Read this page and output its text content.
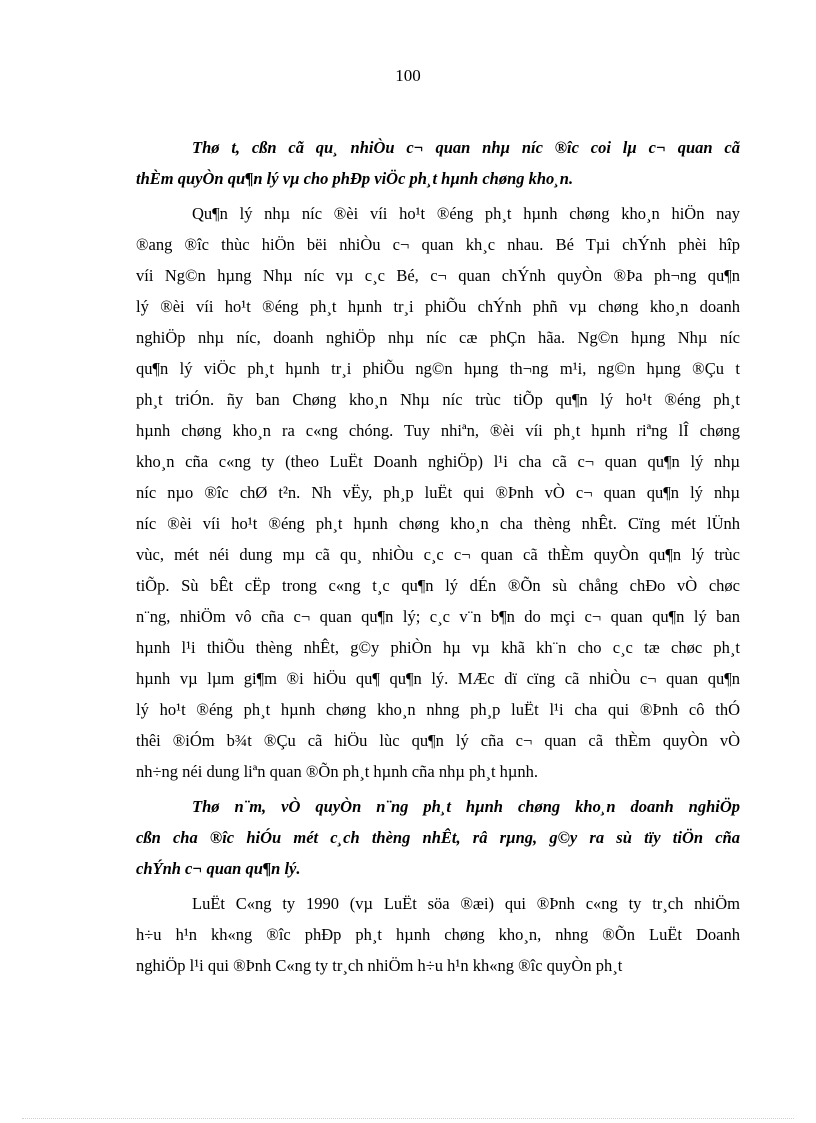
100
Thø t, cßn cã qu¸ nhiÒu c¬ quan nhµ níc ®îc coi lµ c¬ quan cã
thÈm quyÒn qu¶n lý vµ cho phÐp viÖc ph¸t hµnh chøng kho¸n.
Qu¶n lý nhµ níc ®èi víi ho¹t ®éng ph¸t hµnh chøng kho¸n hiÖn nay
®ang ®îc thùc hiÖn bëi nhiÒu c¬ quan kh¸c nhau. Bé Tµi chÝnh phèi hîp
víi Ng©n hµng Nhµ níc vµ c¸c Bé, c¬ quan chÝnh quyÒn ®Þa ph¬ng qu¶n
lý ®èi víi ho¹t ®éng ph¸t hµnh tr¸i phiÕu chÝnh phñ vµ chøng kho¸n doanh
nghiÖp nhµ níc, doanh nghiÖp nhµ níc cæ phÇn hãa. Ng©n hµng Nhµ níc
qu¶n lý viÖc ph¸t hµnh tr¸i phiÕu ng©n hµng th¬ng m¹i, ng©n hµng ®Çu t
ph¸t triÓn. ñy ban Chøng kho¸n Nhµ níc trùc tiÕp qu¶n lý ho¹t ®éng ph¸t
hµnh chøng kho¸n ra c«ng chóng. Tuy nhiªn, ®èi víi ph¸t hµnh riªng lÎ chøng
kho¸n cña c«ng ty (theo LuËt Doanh nghiÖp) l¹i cha cã c¬ quan qu¶n lý nhµ
níc nµo ®îc chØ t²n. Nh vËy, ph¸p luËt qui ®Þnh vÒ c¬ quan qu¶n lý nhµ
níc ®èi víi ho¹t ®éng ph¸t hµnh chøng kho¸n cha thèng nhÊt. Cïng mét lÜnh
vùc, mét néi dung mµ cã qu¸ nhiÒu c¸c c¬ quan cã thÈm quyÒn qu¶n lý trùc
tiÕp. Sù bÊt cËp trong c«ng t¸c qu¶n lý dÉn ®Õn sù chång chÐo vÒ chøc
n¨ng, nhiÖm vô cña c¬ quan qu¶n lý; c¸c v¨n b¶n do mçi c¬ quan qu¶n lý ban
hµnh l¹i thiÕu thèng nhÊt, g©y phiÒn hµ vµ khã kh¨n cho c¸c tæ chøc ph¸t
hµnh vµ lµm gi¶m ®i hiÖu qu¶ qu¶n lý. MÆc dï cïng cã nhiÒu c¬ quan qu¶n
lý ho¹t ®éng ph¸t hµnh chøng kho¸n nhng ph¸p luËt l¹i cha qui ®Þnh cô thÓ
thêi ®iÓm b¾t ®Çu cã hiÖu lùc qu¶n lý cña c¬ quan cã thÈm quyÒn vÒ
nh÷ng néi dung liªn quan ®Õn ph¸t hµnh cña nhµ ph¸t hµnh.
Thø n¨m, vÒ quyÒn n¨ng ph¸t hµnh chøng kho¸n doanh nghiÖp
cßn cha ®îc hiÓu mét c¸ch thèng nhÊt, râ rµng, g©y ra sù tïy tiÖn cña
chÝnh c¬ quan qu¶n lý.
LuËt C«ng ty 1990 (vµ LuËt söa ®æi) qui ®Þnh c«ng ty tr¸ch nhiÖm
h÷u h¹n kh«ng ®îc phÐp ph¸t hµnh chøng kho¸n, nhng ®Õn LuËt Doanh
nghiÖp l¹i qui ®Þnh C«ng ty tr¸ch nhiÖm h÷u h¹n kh«ng ®îc quyÒn ph¸t
